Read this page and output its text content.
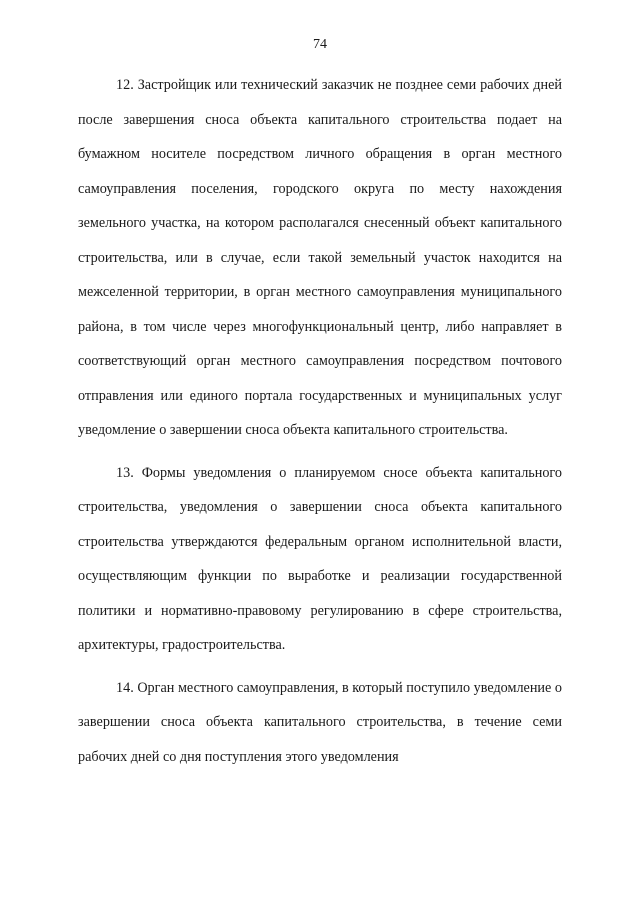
74

12. Застройщик или технический заказчик не позднее семи рабочих дней после завершения сноса объекта капитального строительства подает на бумажном носителе посредством личного обращения в орган местного самоуправления поселения, городского округа по месту нахождения земельного участка, на котором располагался снесенный объект капитального строительства, или в случае, если такой земельный участок находится на межселенной территории, в орган местного самоуправления муниципального района, в том числе через многофункциональный центр, либо направляет в соответствующий орган местного самоуправления посредством почтового отправления или единого портала государственных и муниципальных услуг уведомление о завершении сноса объекта капитального строительства.

13. Формы уведомления о планируемом сносе объекта капитального строительства, уведомления о завершении сноса объекта капитального строительства утверждаются федеральным органом исполнительной власти, осуществляющим функции по выработке и реализации государственной политики и нормативно-правовому регулированию в сфере строительства, архитектуры, градостроительства.

14. Орган местного самоуправления, в который поступило уведомление о завершении сноса объекта капитального строительства, в течение семи рабочих дней со дня поступления этого уведомления
